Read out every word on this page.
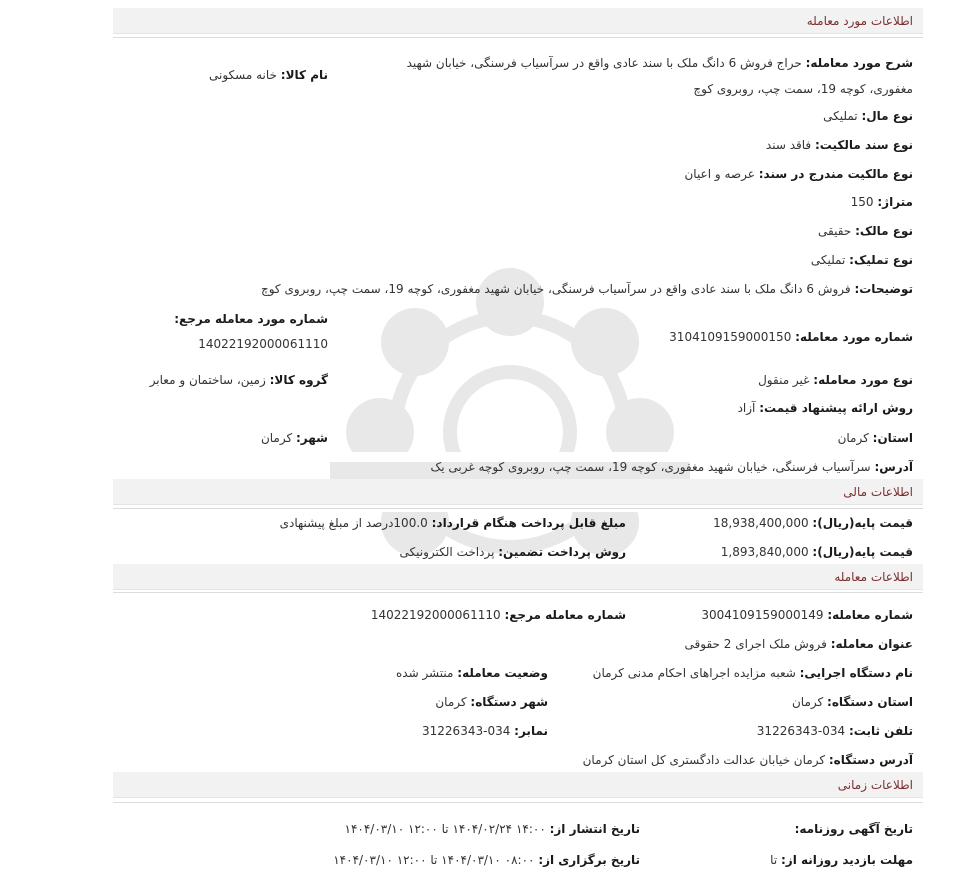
اطلاعات مورد معامله
شرح مورد معامله: حراج فروش 6 دانگ ملک با سند عادی واقع در سرآسیاب فرسنگی، خیابان شهید مغفوری، کوچه 19، سمت چپ، روبروی کوچ
نام کالا: خانه مسکونی
نوع مال: تملیکی
نوع سند مالکیت: فاقد سند
نوع مالکیت مندرج در سند: عرصه و اعیان
متراژ: 150
نوع مالک: حقیقی
نوع تملیک: تملیکی
توضیحات: فروش 6 دانگ ملک با سند عادی واقع در سرآسیاب فرسنگی، خیابان شهید مغفوری، کوچه 19، سمت چپ، روبروی کوچ
شماره مورد معامله مرجع:
شماره مورد معامله: 3104109159000150
14022192000061110
نوع مورد معامله: غیر منقول
گروه کالا: زمین، ساختمان و معابر
روش ارائه پیشنهاد قیمت: آزاد
استان: کرمان
شهر: کرمان
آدرس: سرآسیاب فرسنگی، خیابان شهید مغفوری، کوچه 19، سمت چپ، روبروی کوچه غربی یک
اطلاعات مالی
قیمت پایه(ریال): 18,938,400,000
مبلغ قابل پرداخت هنگام قرارداد: 100.0درصد از مبلغ پیشنهادی
قیمت پایه(ریال): 1,893,840,000
روش پرداخت تضمین: پرداخت الکترونیکی
اطلاعات معامله
شماره معامله: 3004109159000149
شماره معامله مرجع: 14022192000061110
عنوان معامله: فروش ملک اجرای 2 حقوقی
نام دستگاه اجرایی: شعبه مزایده اجراهای احکام مدنی کرمان
وضعیت معامله: منتشر شده
استان دستگاه: کرمان
شهر دستگاه: کرمان
تلفن ثابت: 034-31226343
نمابر: 034-31226343
آدرس دستگاه: کرمان خیابان عدالت دادگستری کل استان کرمان
اطلاعات زمانی
تاریخ آگهی روزنامه:
تاریخ انتشار از: ۱۴:۰۰ ۱۴۰۴/۰۲/۲۴ تا ۱۲:۰۰ ۱۴۰۴/۰۳/۱۰
مهلت بازدید روزانه از: تا
تاریخ برگزاری از: ۰۸:۰۰ ۱۴۰۴/۰۳/۱۰ تا ۱۲:۰۰ ۱۴۰۴/۰۳/۱۰
